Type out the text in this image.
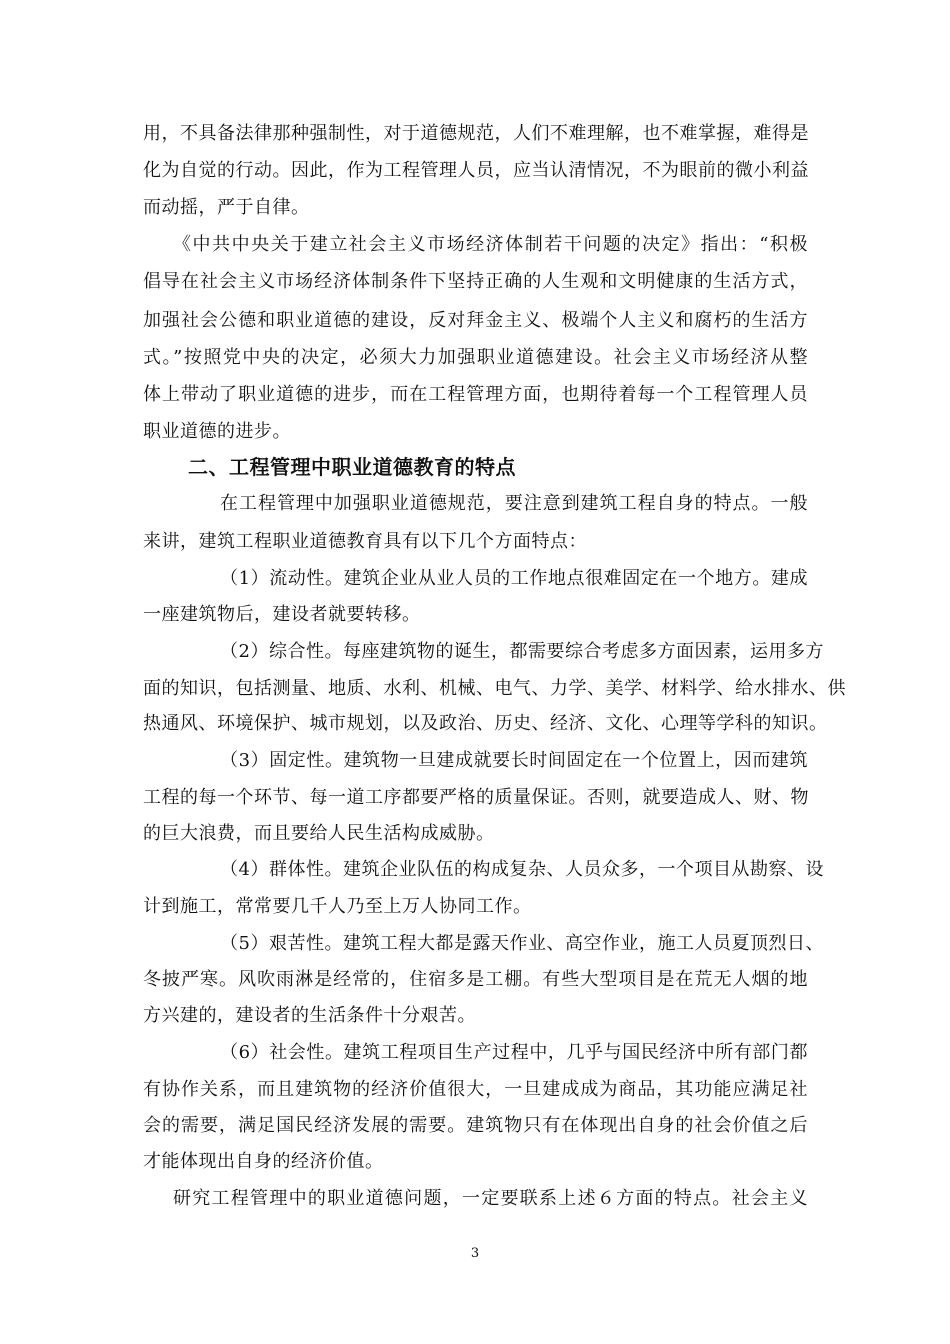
用，不具备法律那种强制性，对于道德规范，人们不难理解，也不难掌握，难得是
化为自觉的行动。因此，作为工程管理人员，应当认清情况，不为眼前的微小利益
而动摇，严于自律。
《中共中央关于建立社会主义市场经济体制若干问题的决定》指出：“积极
倡导在社会主义市场经济体制条件下坚持正确的人生观和文明健康的生活方式，
加强社会公德和职业道德的建设，反对拜金主义、极端个人主义和腐朽的生活方
式。”按照党中央的决定，必须大力加强职业道德建设。社会主义市场经济从整
体上带动了职业道德的进步，而在工程管理方面，也期待着每一个工程管理人员
职业道德的进步。
二、工程管理中职业道德教育的特点
在工程管理中加强职业道德规范，要注意到建筑工程自身的特点。一般
来讲，建筑工程职业道德教育具有以下几个方面特点：
（1）流动性。建筑企业从业人员的工作地点很难固定在一个地方。建成
一座建筑物后，建设者就要转移。
（2）综合性。每座建筑物的诞生，都需要综合考虑多方面因素，运用多方
面的知识，包括测量、地质、水利、机械、电气、力学、美学、材料学、给水排水、供
热通风、环境保护、城市规划，以及政治、历史、经济、文化、心理等学科的知识。
（3）固定性。建筑物一旦建成就要长时间固定在一个位置上，因而建筑
工程的每一个环节、每一道工序都要严格的质量保证。否则，就要造成人、财、物
的巨大浪费，而且要给人民生活构成威胁。
（4）群体性。建筑企业队伍的构成复杂、人员众多，一个项目从勘察、设
计到施工，常常要几千人乃至上万人协同工作。
（5）艰苦性。建筑工程大都是露天作业、高空作业，施工人员夏顶烈日、
冬披严寒。风吹雨淋是经常的，住宿多是工棚。有些大型项目是在荒无人烟的地
方兴建的，建设者的生活条件十分艰苦。
（6）社会性。建筑工程项目生产过程中，几乎与国民经济中所有部门都
有协作关系，而且建筑物的经济价值很大，一旦建成成为商品，其功能应满足社
会的需要，满足国民经济发展的需要。建筑物只有在体现出自身的社会价值之后
才能体现出自身的经济价值。
研究工程管理中的职业道德问题，一定要联系上述６方面的特点。社会主义
3
